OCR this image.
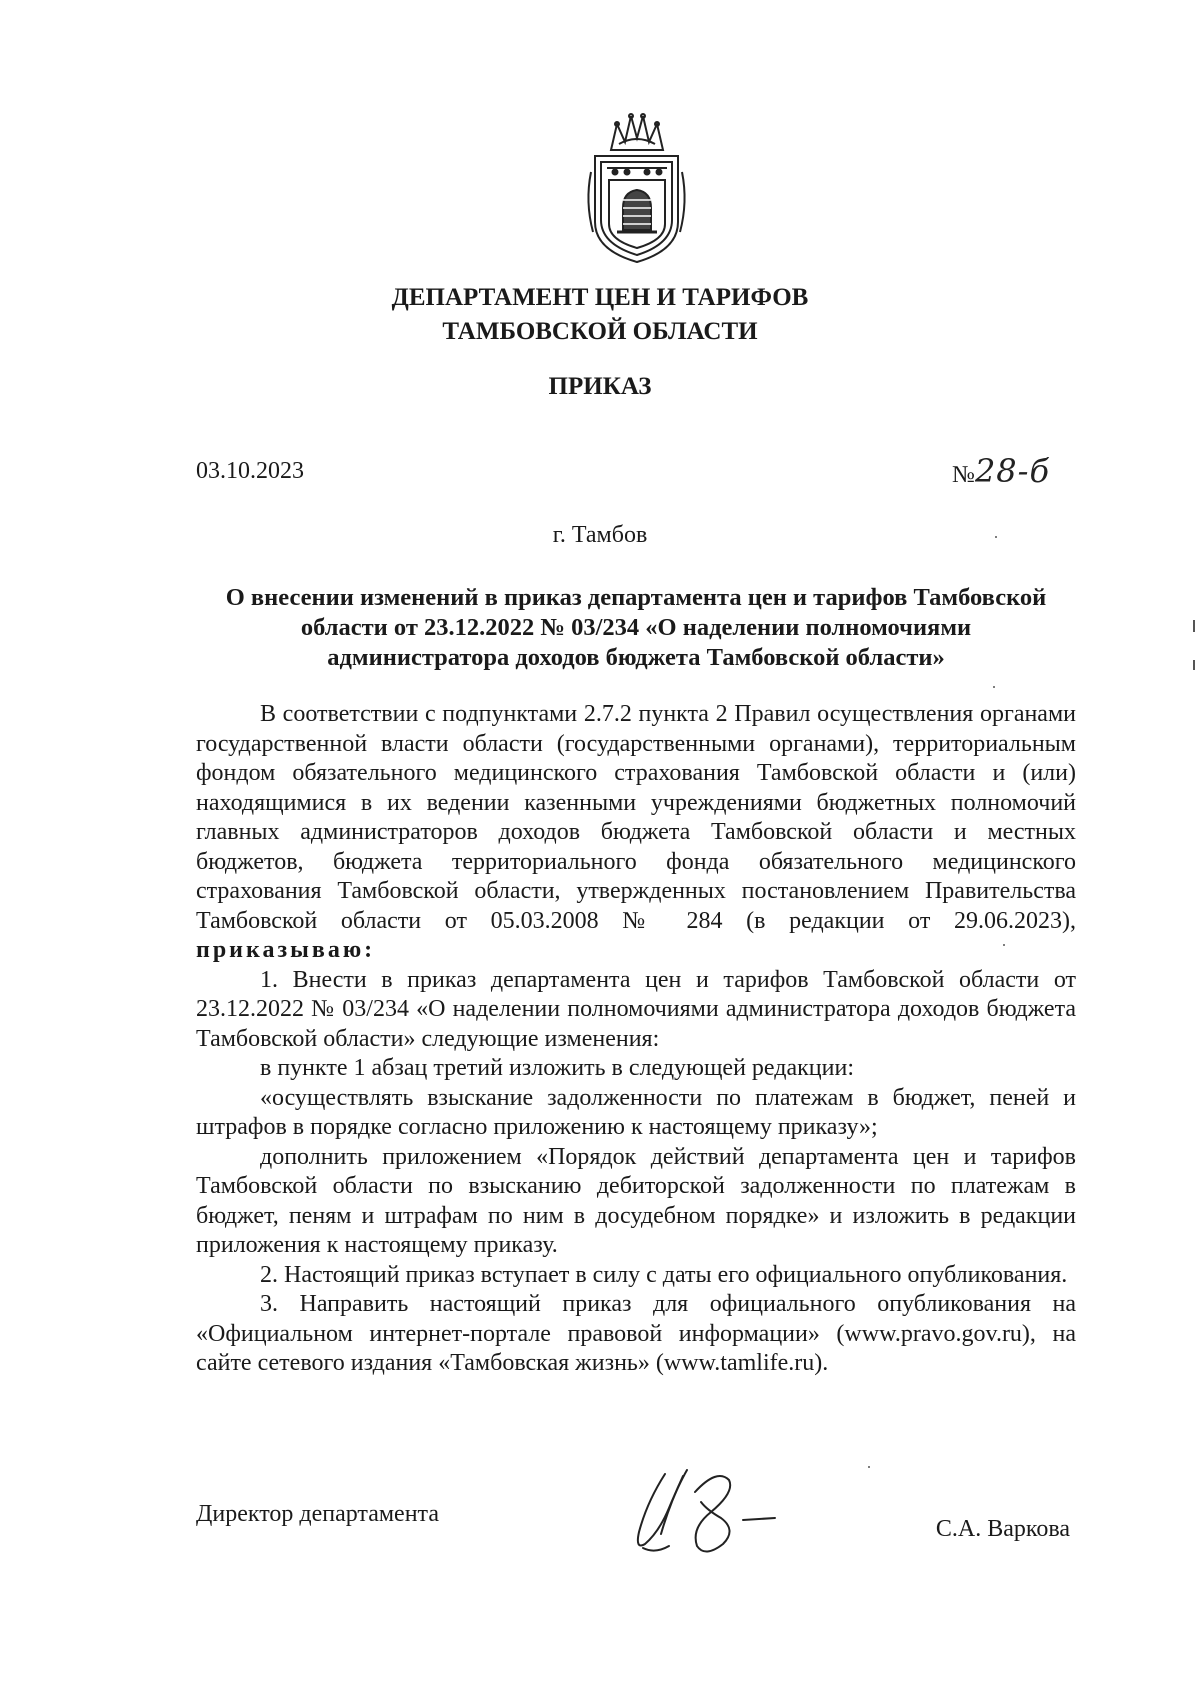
ДЕПАРТАМЕНТ ЦЕН И ТАРИФОВ
ТАМБОВСКОЙ ОБЛАСТИ
ПРИКАЗ
03.10.2023	№28-б
г. Тамбов
О внесении изменений в приказ департамента цен и тарифов Тамбовской
области от 23.12.2022 № 03/234 «О наделении полномочиями
администратора доходов бюджета Тамбовской области»

В соответствии с подпунктами 2.7.2 пункта 2 Правил осуществления органами государственной власти области (государственными органами), территориальным фондом обязательного медицинского страхования Тамбовской области и (или) находящимися в их ведении казенными учреждениями бюджетных полномочий главных администраторов доходов бюджета Тамбовской области и местных бюджетов, бюджета территориального фонда обязательного медицинского страхования Тамбовской области, утвержденных постановлением Правительства Тамбовской области от 05.03.2008 № 284 (в редакции от 29.06.2023), приказываю:

1. Внести в приказ департамента цен и тарифов Тамбовской области от 23.12.2022 № 03/234 «О наделении полномочиями администратора доходов бюджета Тамбовской области» следующие изменения:

в пункте 1 абзац третий изложить в следующей редакции:

«осуществлять взыскание задолженности по платежам в бюджет, пеней и штрафов в порядке согласно приложению к настоящему приказу»;

дополнить приложением «Порядок действий департамента цен и тарифов Тамбовской области по взысканию дебиторской задолженности по платежам в бюджет, пеням и штрафам по ним в досудебном порядке» и изложить в редакции приложения к настоящему приказу.

2. Настоящий приказ вступает в силу с даты его официального опубликования.

3. Направить настоящий приказ для официального опубликования на «Официальном интернет-портале правовой информации» (www.pravo.gov.ru), на сайте сетевого издания «Тамбовская жизнь» (www.tamlife.ru).

Директор департамента
С.А. Варкова
